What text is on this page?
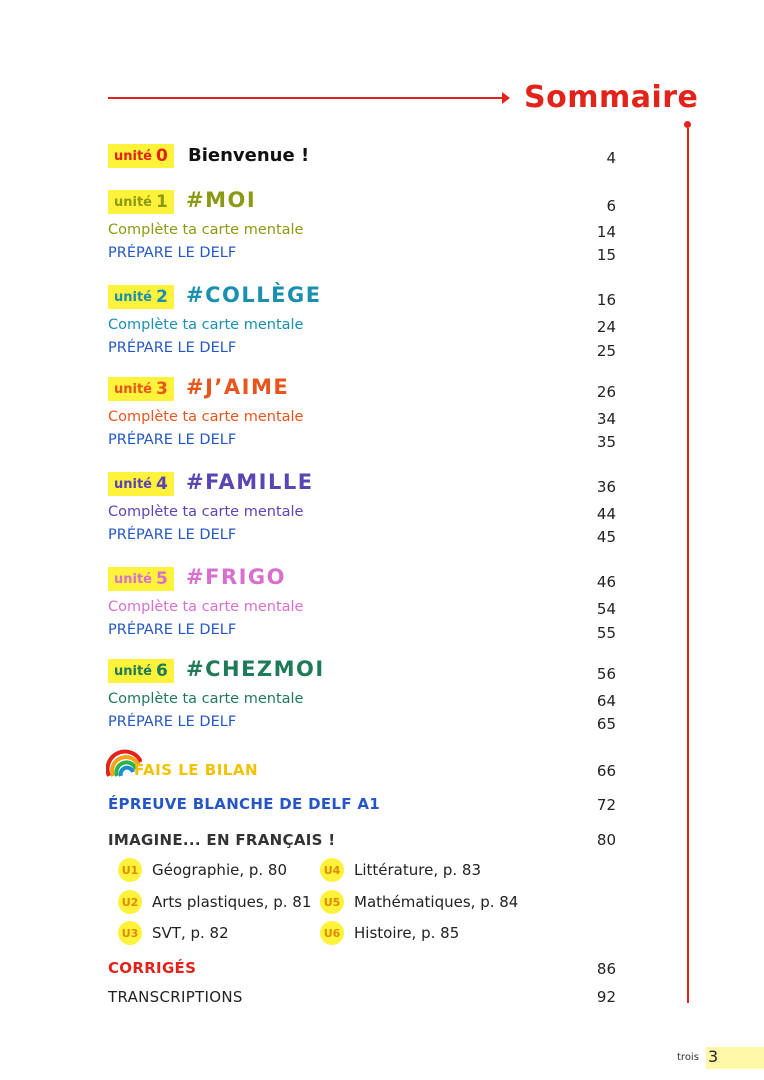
Sommaire
unité 0 Bienvenue !	4
unité 1 #MOI	6
Complète ta carte mentale	14
PRÉPARE LE DELF	15
unité 2 #COLLÈGE	16
Complète ta carte mentale	24
PRÉPARE LE DELF	25
unité 3 #J’AIME	26
Complète ta carte mentale	34
PRÉPARE LE DELF	35
unité 4 #FAMILLE	36
Complète ta carte mentale	44
PRÉPARE LE DELF	45
unité 5 #FRIGO	46
Complète ta carte mentale	54
PRÉPARE LE DELF	55
unité 6 #CHEZMOI	56
Complète ta carte mentale	64
PRÉPARE LE DELF	65
FAIS LE BILAN	66
ÉPREUVE BLANCHE DE DELF A1	72
IMAGINE... EN FRANÇAIS !	80
U1 Géographie, p. 80
U2 Arts plastiques, p. 81
U3 SVT, p. 82
U4 Littérature, p. 83
U5 Mathématiques, p. 84
U6 Histoire, p. 85
CORRIGÉS	86
TRANSCRIPTIONS	92
trois 3
